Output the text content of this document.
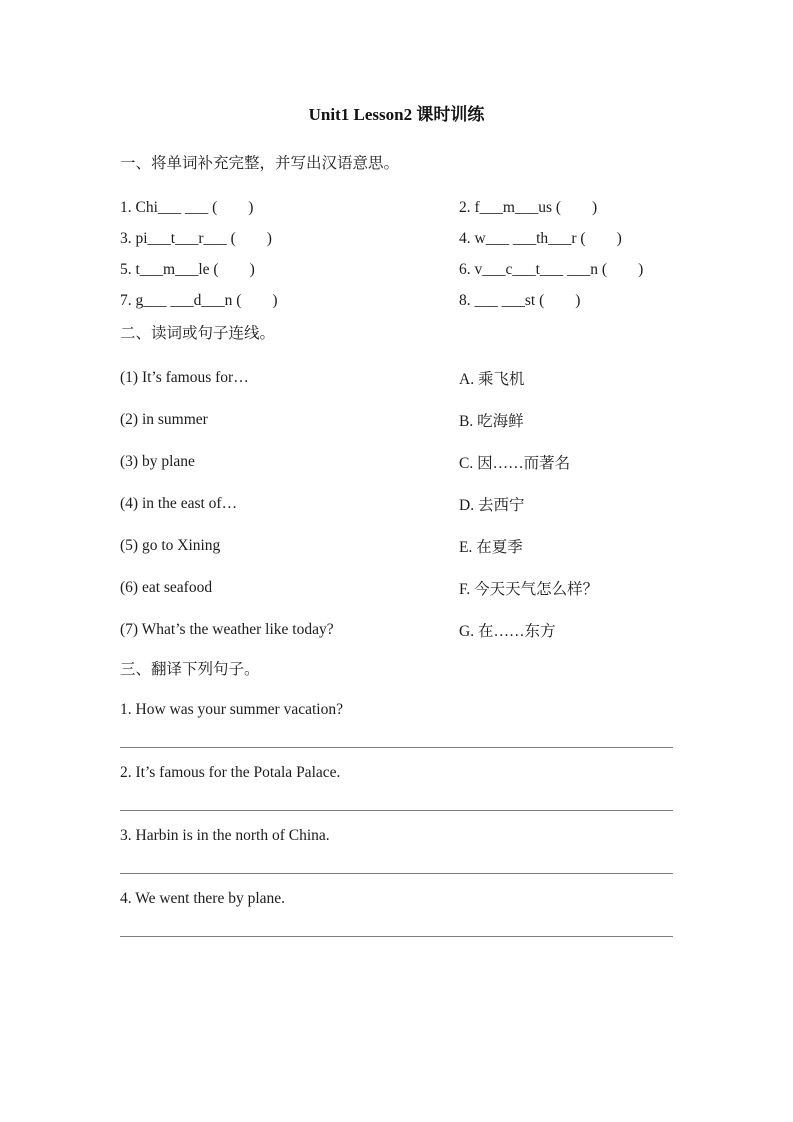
Unit1 Lesson2 课时训练

一、将单词补充完整，并写出汉语意思。

1. Chi___ ___ (　　)	2. f___m___us (　　)
3. pi___t___r___ (　　)	4. w___ ___th___r (　　)
5. t___m___le (　　)	6. v___c___t___ ___n (　　)
7. g___ ___d___n (　　)	8. ___ ___st (　　)

二、读词或句子连线。

(1) It’s famous for…	A. 乘飞机
(2) in summer	B. 吃海鲜
(3) by plane	C. 因……而著名
(4) in the east of…	D. 去西宁
(5) go to Xining	E. 在夏季
(6) eat seafood	F. 今天天气怎么样？
(7) What’s the weather like today?	G. 在……东方

三、翻译下列句子。

1. How was your summer vacation?

2. It’s famous for the Potala Palace.

3. Harbin is in the north of China.

4. We went there by plane.
